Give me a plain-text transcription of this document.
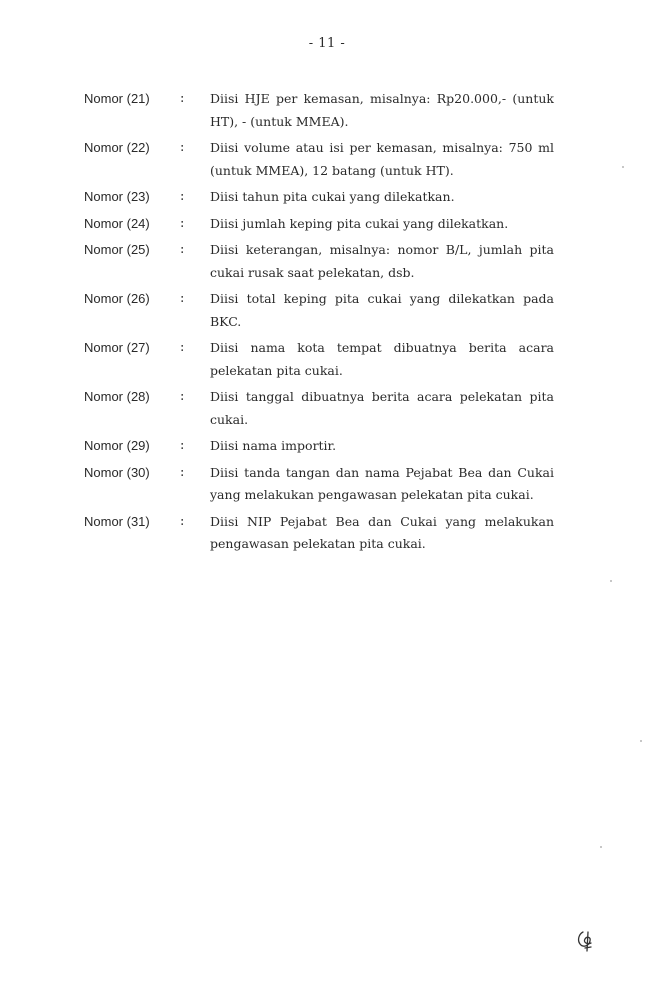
- 11 -
Nomor (21)	:	Diisi HJE per kemasan, misalnya: Rp20.000,- (untuk HT), - (untuk MMEA).
Nomor (22)	:	Diisi volume atau isi per kemasan, misalnya: 750 ml (untuk MMEA), 12 batang (untuk HT).
Nomor (23)	:	Diisi tahun pita cukai yang dilekatkan.
Nomor (24)	:	Diisi jumlah keping pita cukai yang dilekatkan.
Nomor (25)	:	Diisi keterangan, misalnya: nomor B/L, jumlah pita cukai rusak saat pelekatan, dsb.
Nomor (26)	:	Diisi total keping pita cukai yang dilekatkan pada BKC.
Nomor (27)	:	Diisi nama kota tempat dibuatnya berita acara pelekatan pita cukai.
Nomor (28)	:	Diisi tanggal dibuatnya berita acara pelekatan pita cukai.
Nomor (29)	:	Diisi nama importir.
Nomor (30)	:	Diisi tanda tangan dan nama Pejabat Bea dan Cukai yang melakukan pengawasan pelekatan pita cukai.
Nomor (31)	:	Diisi NIP Pejabat Bea dan Cukai yang melakukan pengawasan pelekatan pita cukai.
